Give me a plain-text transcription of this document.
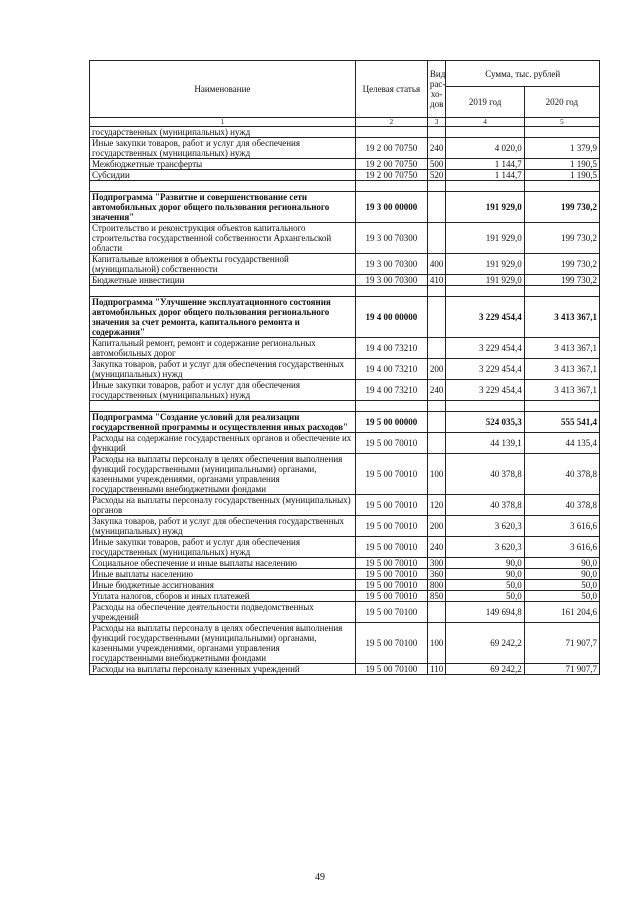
Наименование	Целевая статья	Вид рас-хо-дов	Сумма, тыс. рублей	
			2019 год	2020 год
1	2	3	4	5
государственных (муниципальных) нужд				
Иные закупки товаров, работ и услуг для обеспечения государственных (муниципальных) нужд	19 2 00 70750	240	4 020,0	1 379,9
Межбюджетные трансферты	19 2 00 70750	500	1 144,7	1 190,5
Субсидии	19 2 00 70750	520	1 144,7	1 190,5

Подпрограмма "Развитие и совершенствование сети автомобильных дорог общего пользования регионального значения"	19 3 00 00000		191 929,0	199 730,2
Строительство и реконструкция объектов капитального строительства государственной собственности Архангельской области	19 3 00 70300		191 929,0	199 730,2
Капитальные вложения в объекты государственной (муниципальной) собственности	19 3 00 70300	400	191 929,0	199 730,2
Бюджетные инвестиции	19 3 00 70300	410	191 929,0	199 730,2

Подпрограмма "Улучшение эксплуатационного состояния автомобильных дорог общего пользования регионального значения за счет ремонта, капитального ремонта и содержания"	19 4 00 00000		3 229 454,4	3 413 367,1
Капитальный ремонт, ремонт и содержание региональных автомобильных дорог	19 4 00 73210		3 229 454,4	3 413 367,1
Закупка товаров, работ и услуг для обеспечения государственных (муниципальных) нужд	19 4 00 73210	200	3 229 454,4	3 413 367,1
Иные закупки товаров, работ и услуг для обеспечения государственных (муниципальных) нужд	19 4 00 73210	240	3 229 454,4	3 413 367,1

Подпрограмма "Создание условий для реализации государственной программы и осуществления иных расходов"	19 5 00 00000		524 035,3	555 541,4
Расходы на содержание государственных органов и обеспечение их функций	19 5 00 70010		44 139,1	44 135,4
Расходы на выплаты персоналу в целях обеспечения выполнения функций государственными (муниципальными) органами, казенными учреждениями, органами управления государственными внебюджетными фондами	19 5 00 70010	100	40 378,8	40 378,8
Расходы на выплаты персоналу государственных (муниципальных) органов	19 5 00 70010	120	40 378,8	40 378,8
Закупка товаров, работ и услуг для обеспечения государственных (муниципальных) нужд	19 5 00 70010	200	3 620,3	3 616,6
Иные закупки товаров, работ и услуг для обеспечения государственных (муниципальных) нужд	19 5 00 70010	240	3 620,3	3 616,6
Социальное обеспечение и иные выплаты населению	19 5 00 70010	300	90,0	90,0
Иные выплаты населению	19 5 00 70010	360	90,0	90,0
Иные бюджетные ассигнования	19 5 00 70010	800	50,0	50,0
Уплата налогов, сборов и иных платежей	19 5 00 70010	850	50,0	50,0
Расходы на обеспечение деятельности подведомственных учреждений	19 5 00 70100		149 694,8	161 204,6
Расходы на выплаты персоналу в целях обеспечения выполнения функций государственными (муниципальными) органами, казенными учреждениями, органами управления государственными внебюджетными фондами	19 5 00 70100	100	69 242,2	71 907,7
Расходы на выплаты персоналу казенных учреждений	19 5 00 70100	110	69 242,2	71 907,7
49
